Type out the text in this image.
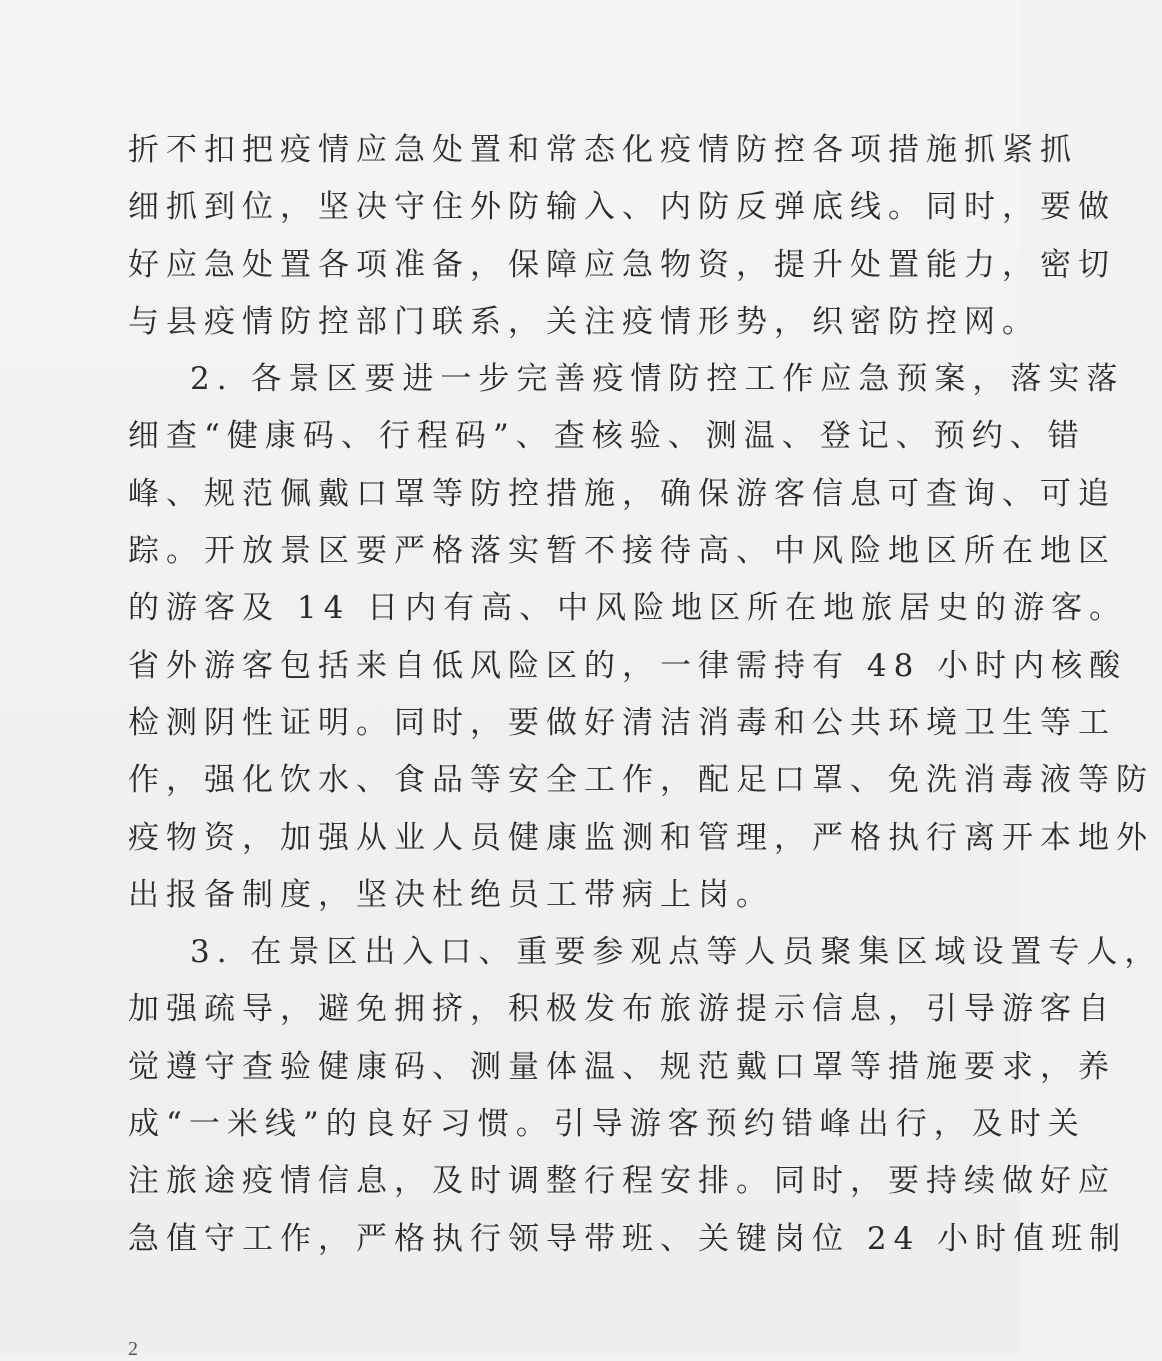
折不扣把疫情应急处置和常态化疫情防控各项措施抓紧抓
细抓到位，坚决守住外防输入、内防反弹底线。同时，要做
好应急处置各项准备，保障应急物资，提升处置能力，密切
与县疫情防控部门联系，关注疫情形势，织密防控网。
2. 各景区要进一步完善疫情防控工作应急预案，落实落
细查“健康码、行程码”、查核验、测温、登记、预约、错
峰、规范佩戴口罩等防控措施，确保游客信息可查询、可追
踪。开放景区要严格落实暂不接待高、中风险地区所在地区
的游客及 14 日内有高、中风险地区所在地旅居史的游客。
省外游客包括来自低风险区的，一律需持有 48 小时内核酸
检测阴性证明。同时，要做好清洁消毒和公共环境卫生等工
作，强化饮水、食品等安全工作，配足口罩、免洗消毒液等防
疫物资，加强从业人员健康监测和管理，严格执行离开本地外
出报备制度，坚决杜绝员工带病上岗。
3. 在景区出入口、重要参观点等人员聚集区域设置专人，
加强疏导，避免拥挤，积极发布旅游提示信息，引导游客自
觉遵守查验健康码、测量体温、规范戴口罩等措施要求，养
成“一米线”的良好习惯。引导游客预约错峰出行，及时关
注旅途疫情信息，及时调整行程安排。同时，要持续做好应
急值守工作，严格执行领导带班、关键岗位 24 小时值班制
2
